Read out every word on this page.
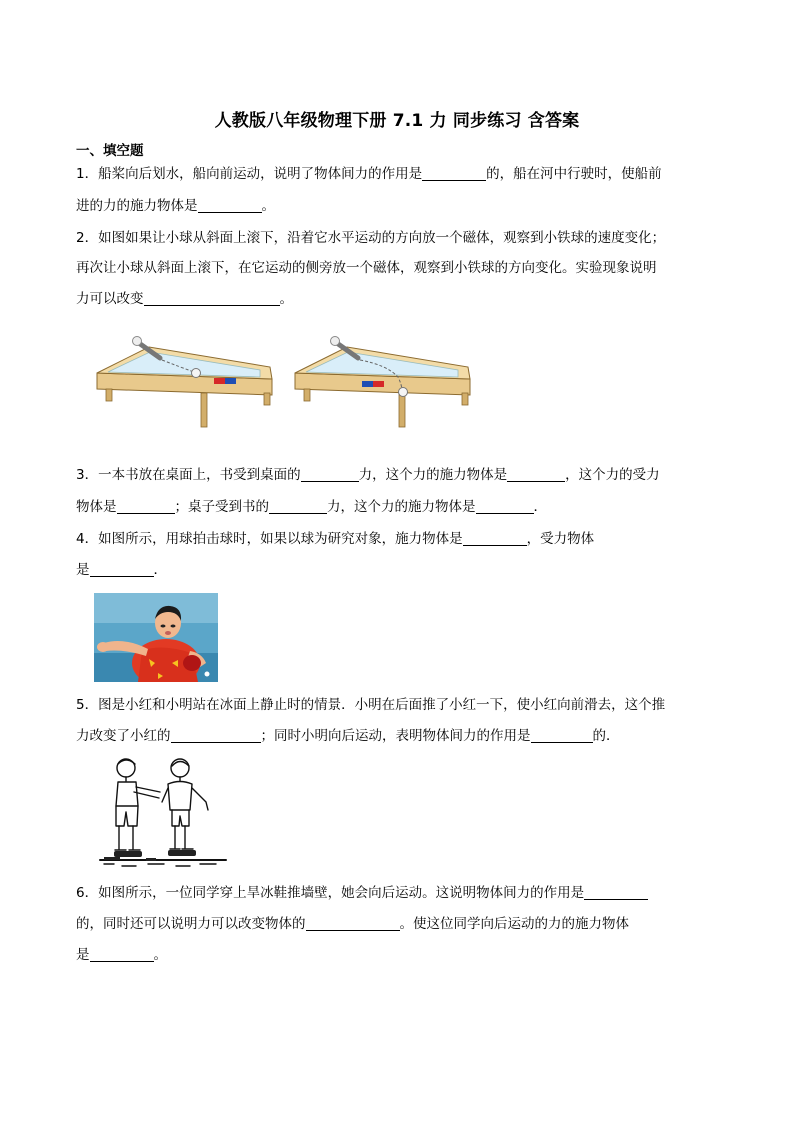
人教版八年级物理下册 7.1 力 同步练习 含答案
一、填空题
1．船桨向后划水，船向前运动，说明了物体间力的作用是	的，船在河中行驶时，使船前
进的力的施力物体是	。
2．如图如果让小球从斜面上滚下，沿着它水平运动的方向放一个磁体，观察到小铁球的速度变化；
再次让小球从斜面上滚下，在它运动的侧旁放一个磁体，观察到小铁球的方向变化。实验现象说明
力可以改变	。
3．一本书放在桌面上，书受到桌面的	力，这个力的施力物体是	，这个力的受力
物体是	；桌子受到书的	力，这个力的施力物体是	．
4．如图所示，用球拍击球时，如果以球为研究对象，施力物体是	，受力物体
是	．
5．图是小红和小明站在冰面上静止时的情景．小明在后面推了小红一下，使小红向前滑去，这个推
力改变了小红的	；同时小明向后运动，表明物体间力的作用是	的．
6．如图所示，一位同学穿上旱冰鞋推墙壁，她会向后运动。这说明物体间力的作用是
的，同时还可以说明力可以改变物体的	。使这位同学向后运动的力的施力物体
是	。
